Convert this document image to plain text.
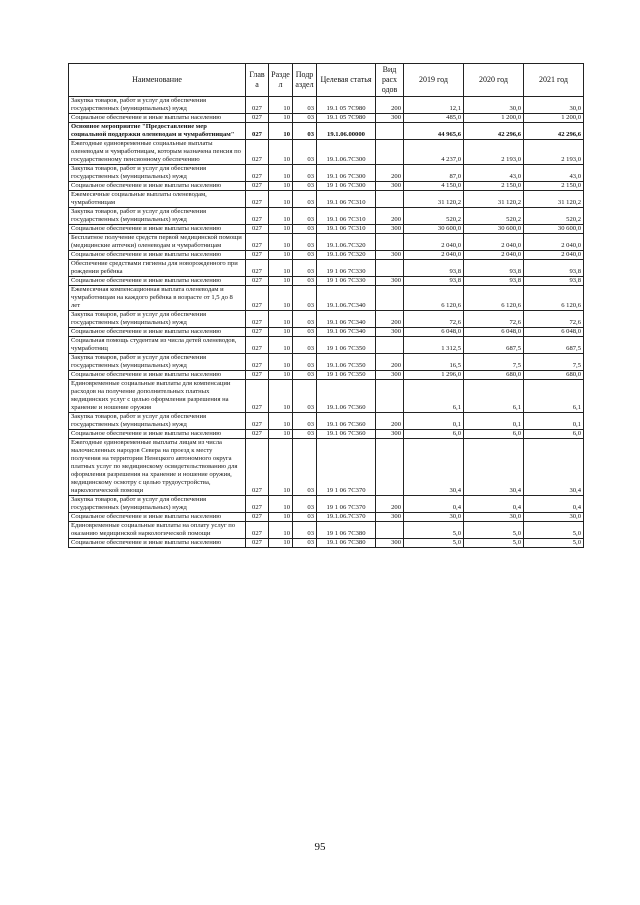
Наименование	Глав а	Разде л	Подр аздел	Целевая статья	Вид расх одов	2019 год	2020 год	2021 год
Закупка товаров, работ и услуг для обеспечения государственных (муниципальных) нужд	027	10	03	19.1 05 7С980	200	12,1	30,0	30,0
Социальное обеспечение и иные выплаты населению	027	10	03	19.1 05 7С980	300	485,0	1 200,0	1 200,0
Основное мероприятие "Предоставление мер социальной поддержки оленеводам и чумработницам"	027	10	03	19.1.06.00000		44 965,6	42 296,6	42 296,6
Ежегодные единовременные социальные выплаты оленеводам и чумработницам, которым назначена пенсия по государственному пенсионному обеспечению	027	10	03	19.1.06.7С300		4 237,0	2 193,0	2 193,0
Закупка товаров, работ и услуг для обеспечения государственных (муниципальных) нужд	027	10	03	19.1 06 7С300	200	87,0	43,0	43,0
Социальное обеспечение и иные выплаты населению	027	10	03	19 1 06 7С300	300	4 150,0	2 150,0	2 150,0
Ежемесячные социальные выплаты оленеводам, чумработницам	027	10	03	19.1 06 7С310		31 120,2	31 120,2	31 120,2
Закупка товаров, работ и услуг для обеспечения государственных (муниципальных) нужд	027	10	03	19.1 06 7С310	200	520,2	520,2	520,2
Социальное обеспечение и иные выплаты населению	027	10	03	19.1 06 7С310	300	30 600,0	30 600,0	30 600,0
Бесплатное получение средств первой медицинской помощи (медицинские аптечки) оленеводам и чумработницам	027	10	03	19.1.06.7С320		2 040,0	2 040,0	2 040,0
Социальное обеспечение и иные выплаты населению	027	10	03	19.1.06 7С320	300	2 040,0	2 040,0	2 040,0
Обеспечение средствами гигиены для новорожденного при рождении ребёнка	027	10	03	19 1 06 7С330		93,8	93,8	93,8
Социальное обеспечение и иные выплаты населению	027	10	03	19 1 06 7С330	300	93,8	93,8	93,8
Ежемесячная компенсационная выплата оленеводам и чумработницам на каждого ребёнка в возрасте от 1,5 до 8 лет	027	10	03	19.1.06.7С340		6 120,6	6 120,6	6 120,6
Закупка товаров, работ и услуг для обеспечения государственных (муниципальных) нужд	027	10	03	19.1 06 7С340	200	72,6	72,6	72,6
Социальное обеспечение и иные выплаты населению	027	10	03	19.1 06 7С340	300	6 048,0	6 048,0	6 048,0
Социальная помощь студентам из числа детей оленеводов, чумработниц	027	10	03	19 1 06 7С350		1 312,5	687,5	687,5
Закупка товаров, работ и услуг для обеспечения государственных (муниципальных) нужд	027	10	03	19.1.06 7С350	200	16,5	7,5	7,5
Социальное обеспечение и иные выплаты населению	027	10	03	19 1 06 7С350	300	1 296,0	680,0	680,0
Единовременные социальные выплаты для компенсации расходов на получение дополнительных платных медицинских услуг с целью оформления разрешения на хранение и ношение оружия	027	10	03	19.1.06 7С360		6,1	6,1	6,1
Закупка товаров, работ и услуг для обеспечения государственных (муниципальных) нужд	027	10	03	19.1 06 7С360	200	0,1	0,1	0,1
Социальное обеспечение и иные выплаты населению	027	10	03	19.1 06 7С360	300	6,0	6,0	6,0
Ежегодные единовременные выплаты лицам из числа малочисленных народов Севера на проезд к месту получения на территории Ненецкого автономного округа платных услуг по медицинскому освидетельствованию для оформления разрешения на хранение и ношение оружия, медицинскому осмотру с целью трудоустройства, наркологической помощи	027	10	03	19 1 06 7С370		30,4	30,4	30,4
Закупка товаров, работ и услуг для обеспечения государственных (муниципальных) нужд	027	10	03	19 1 06 7С370	200	0,4	0,4	0,4
Социальное обеспечение и иные выплаты населению	027	10	03	19.1.06.7С370	300	30,0	30,0	30,0
Единовременные социальные выплаты на оплату услуг по оказанию медицинской наркологической помощи	027	10	03	19 1 06 7С380		5,0	5,0	5,0
Социальное обеспечение и иные выплаты населению	027	10	03	19.1 06 7С380	300	5,0	5,0	5,0
95
